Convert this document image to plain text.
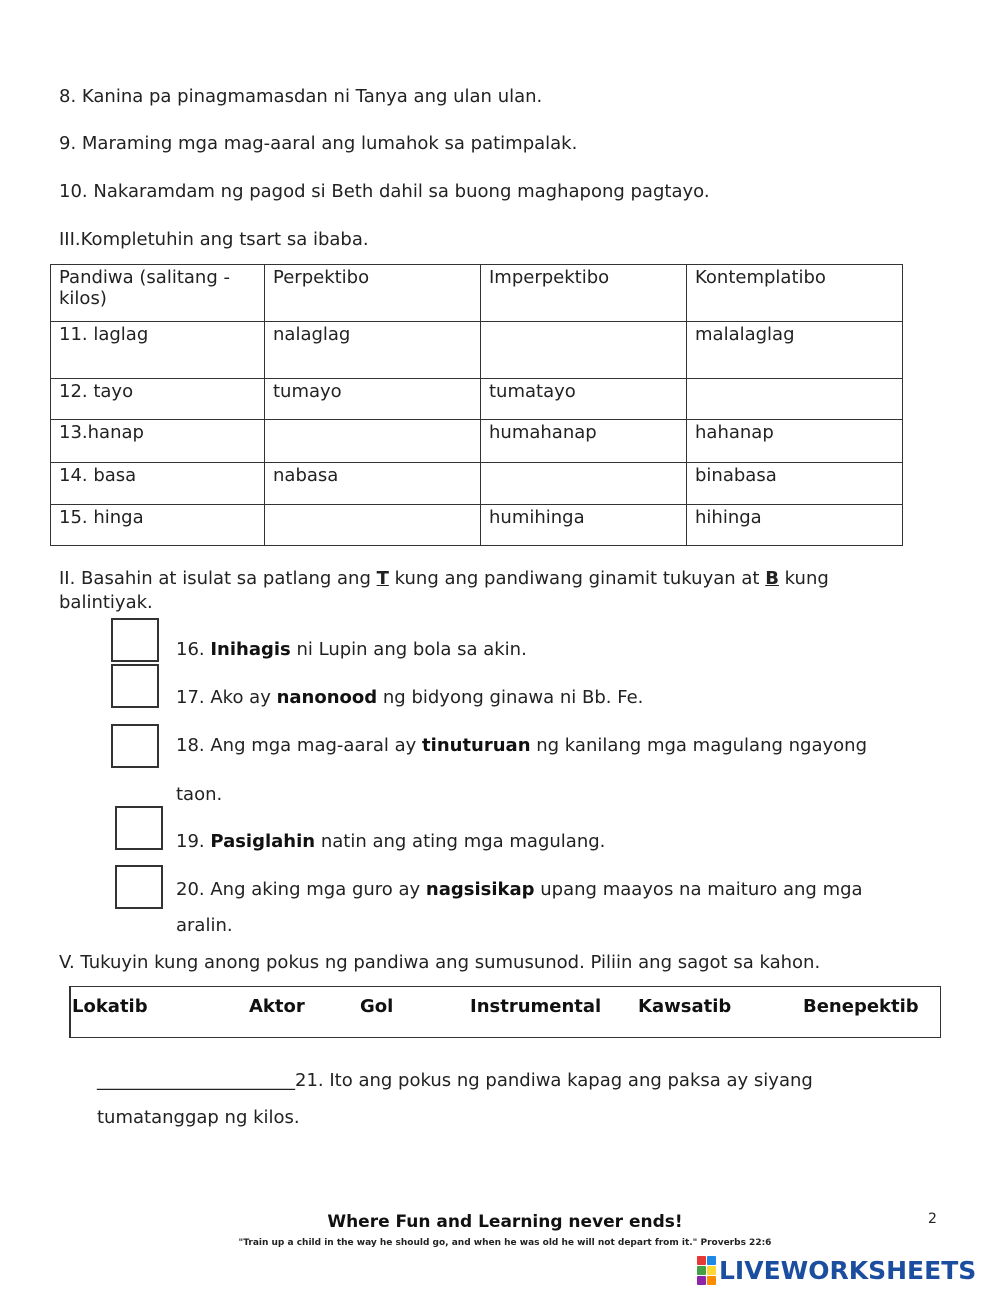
8. Kanina pa pinagmamasdan ni Tanya ang ulan ulan.
9. Maraming mga mag-aaral ang lumahok sa patimpalak.
10. Nakaramdam ng pagod si Beth dahil sa buong maghapong pagtayo.
III.Kompletuhin ang tsart sa ibaba.
Pandiwa (salitang - kilos)	Perpektibo	Imperpektibo	Kontemplatibo
11. laglag	nalaglag		malalaglag
12. tayo	tumayo	tumatayo	
13.hanap		humahanap	hahanap
14. basa	nabasa		binabasa
15. hinga		humihinga	hihinga
II. Basahin at isulat sa patlang ang T kung ang pandiwang ginamit tukuyan at B kung
balintiyak.
16. Inihagis ni Lupin ang bola sa akin.
17. Ako ay nanonood ng bidyong ginawa ni Bb. Fe.
18. Ang mga mag-aaral ay tinuturuan ng kanilang mga magulang ngayong
taon.
19. Pasiglahin natin ang ating mga magulang.
20. Ang aking mga guro ay nagsisikap upang maayos na maituro ang mga
aralin.
V. Tukuyin kung anong pokus ng pandiwa ang sumusunod. Piliin ang sagot sa kahon.
Lokatib	Aktor	Gol	Instrumental Kawsatib	Benepektib
______________________21. Ito ang pokus ng pandiwa kapag ang paksa ay siyang
tumatanggap ng kilos.
Where Fun and Learning never ends!	2
"Train up a child in the way he should go, and when he was old he will not depart from it." Proverbs 22:6
LIVEWORKSHEETS
